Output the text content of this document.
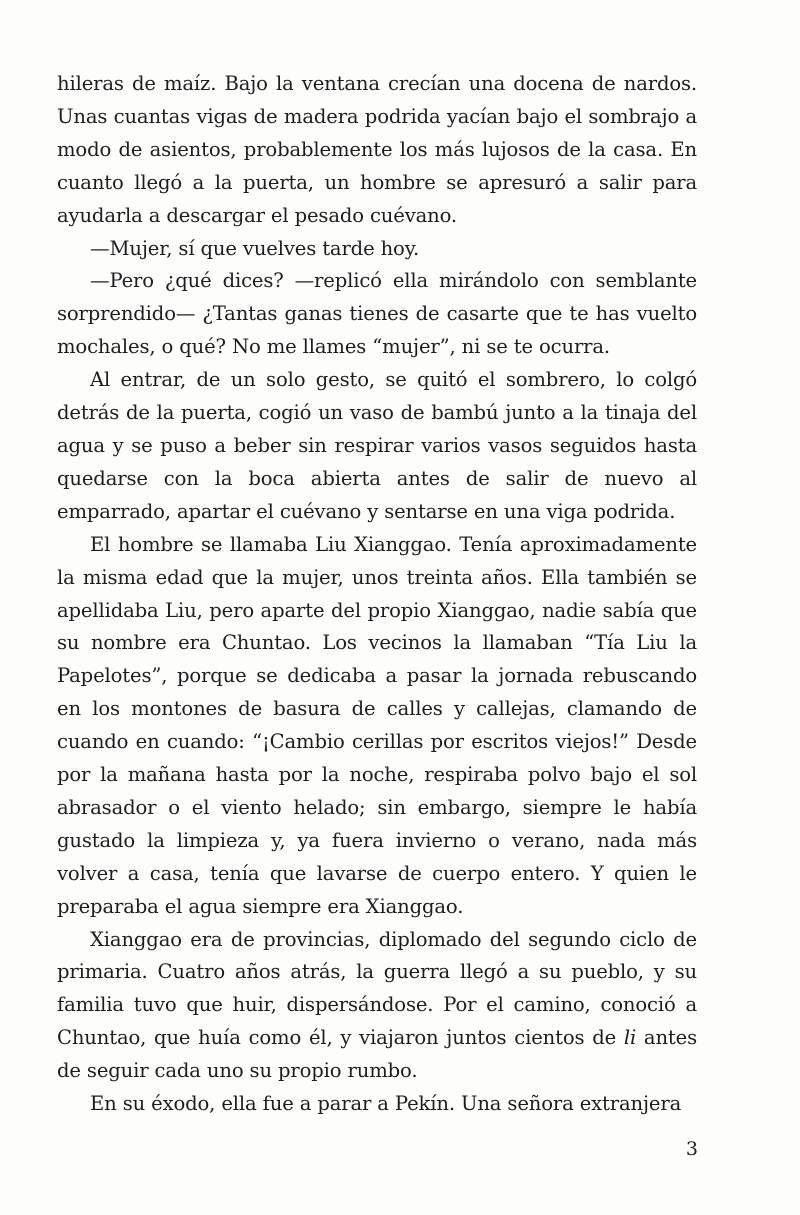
hileras de maíz. Bajo la ventana crecían una docena de nardos. Unas cuantas vigas de madera podrida yacían bajo el sombrajo a modo de asientos, probablemente los más lujosos de la casa. En cuanto llegó a la puerta, un hombre se apresuró a salir para ayudarla a descargar el pesado cuévano.

—Mujer, sí que vuelves tarde hoy.

—Pero ¿qué dices? —replicó ella mirándolo con semblante sorprendido— ¿Tantas ganas tienes de casarte que te has vuelto mochales, o qué? No me llames “mujer”, ni se te ocurra.

Al entrar, de un solo gesto, se quitó el sombrero, lo colgó detrás de la puerta, cogió un vaso de bambú junto a la tinaja del agua y se puso a beber sin respirar varios vasos seguidos hasta quedarse con la boca abierta antes de salir de nuevo al emparrado, apartar el cuévano y sentarse en una viga podrida.

El hombre se llamaba Liu Xianggao. Tenía aproximadamente la misma edad que la mujer, unos treinta años. Ella también se apellidaba Liu, pero aparte del propio Xianggao, nadie sabía que su nombre era Chuntao. Los vecinos la llamaban “Tía Liu la Papelotes”, porque se dedicaba a pasar la jornada rebuscando en los montones de basura de calles y callejas, clamando de cuando en cuando: “¡Cambio cerillas por escritos viejos!” Desde por la mañana hasta por la noche, respiraba polvo bajo el sol abrasador o el viento helado; sin embargo, siempre le había gustado la limpieza y, ya fuera invierno o verano, nada más volver a casa, tenía que lavarse de cuerpo entero. Y quien le preparaba el agua siempre era Xianggao.

Xianggao era de provincias, diplomado del segundo ciclo de primaria. Cuatro años atrás, la guerra llegó a su pueblo, y su familia tuvo que huir, dispersándose. Por el camino, conoció a Chuntao, que huía como él, y viajaron juntos cientos de li antes de seguir cada uno su propio rumbo.

En su éxodo, ella fue a parar a Pekín. Una señora extranjera

3
